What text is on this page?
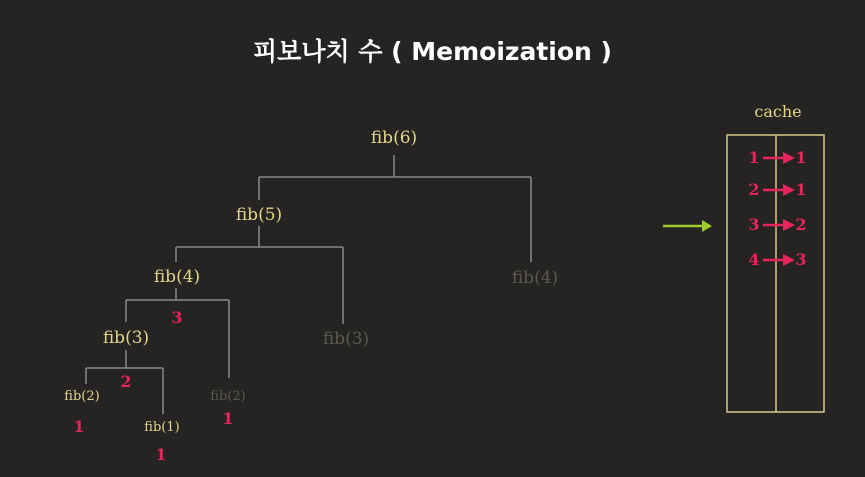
피보나치 수 ( Memoization )
fib(6)
fib(5)
fib(4)
fib(4)
3
fib(3)
fib(3)
2
fib(2)
1
fib(2)
1	fib(1)
1
cache
1 1
2 1
3 2
4 3
